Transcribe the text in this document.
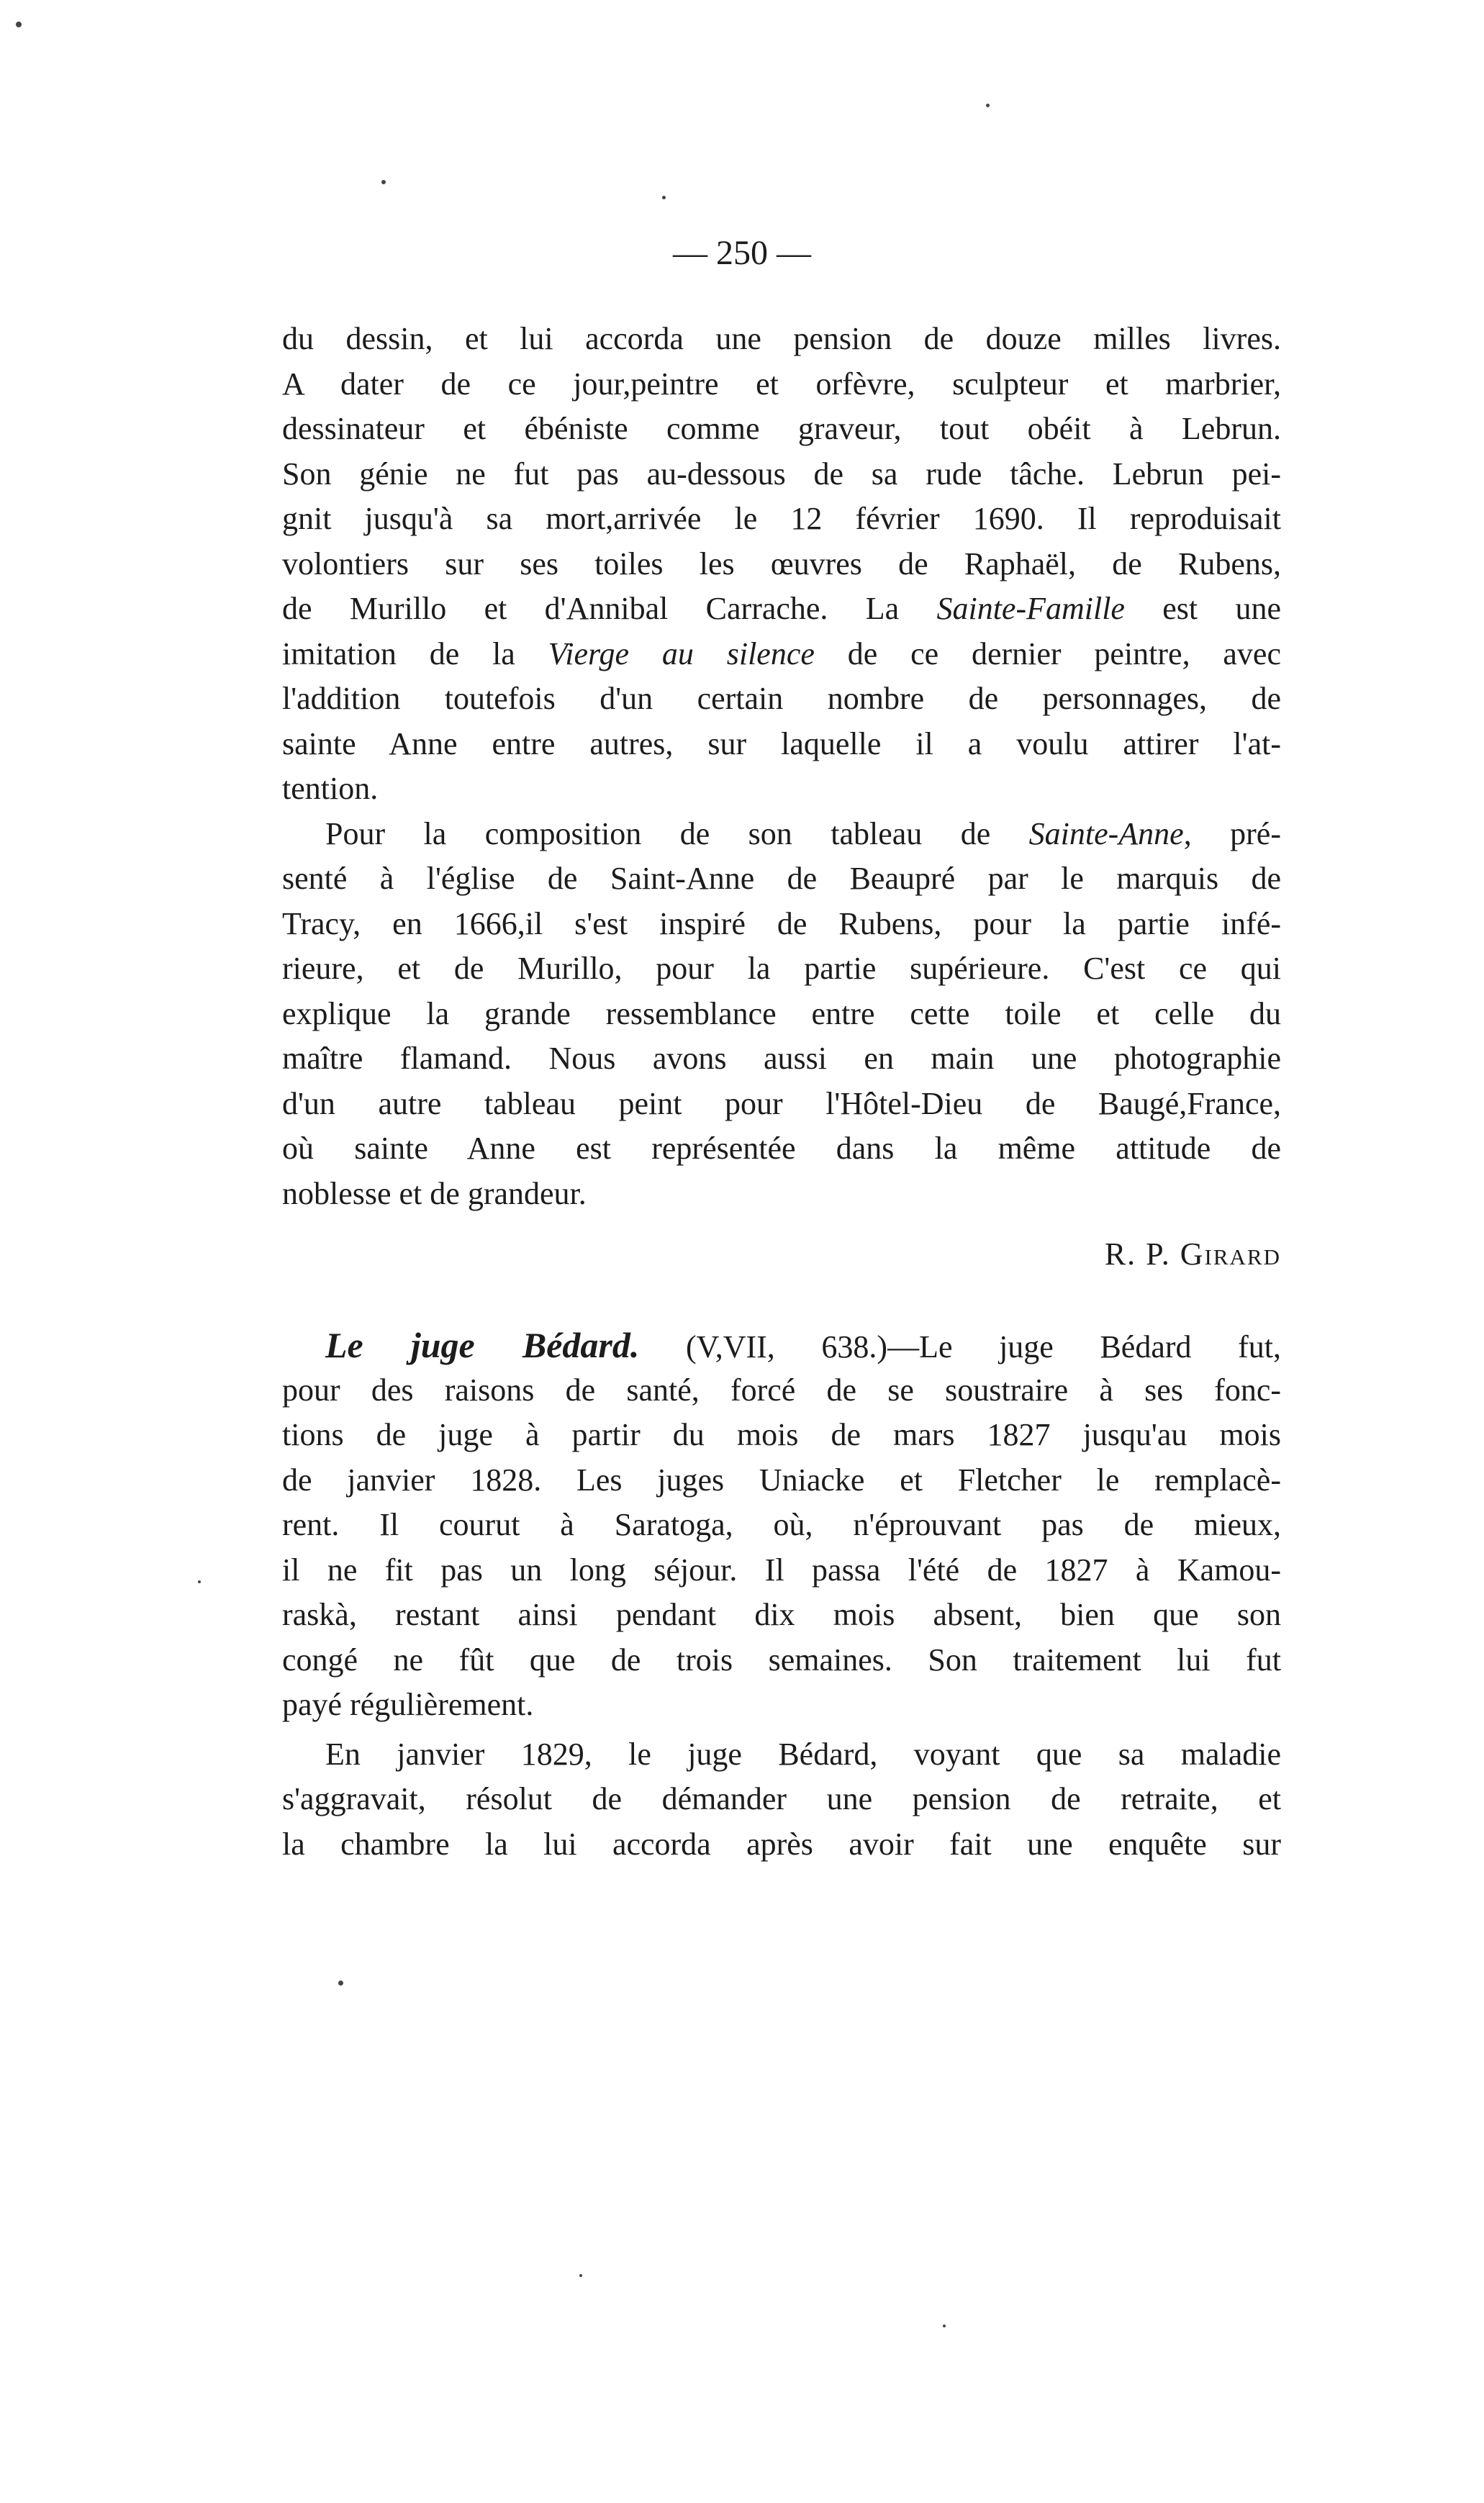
— 250 —
du dessin, et lui accorda une pension de douze milles livres.
A dater de ce jour,peintre et orfèvre, sculpteur et marbrier,
dessinateur et ébéniste comme graveur, tout obéit à Lebrun.
Son génie ne fut pas au-dessous de sa rude tâche. Lebrun pei-
gnit jusqu'à sa mort,arrivée le 12 février 1690. Il reproduisait
volontiers sur ses toiles les œuvres de Raphaël, de Rubens,
de Murillo et d'Annibal Carrache. La Sainte-Famille est une
imitation de la Vierge au silence de ce dernier peintre, avec
l'addition toutefois d'un certain nombre de personnages, de
sainte Anne entre autres, sur laquelle il a voulu attirer l'at-
tention.
Pour la composition de son tableau de Sainte-Anne, pré-
senté à l'église de Saint-Anne de Beaupré par le marquis de
Tracy, en 1666,il s'est inspiré de Rubens, pour la partie infé-
rieure, et de Murillo, pour la partie supérieure. C'est ce qui
explique la grande ressemblance entre cette toile et celle du
maître flamand. Nous avons aussi en main une photographie
d'un autre tableau peint pour l'Hôtel-Dieu de Baugé,France,
où sainte Anne est représentée dans la même attitude de
noblesse et de grandeur.
R. P. Girard
Le juge Bédard. (V,VII, 638.)—Le juge Bédard fut,
pour des raisons de santé, forcé de se soustraire à ses fonc-
tions de juge à partir du mois de mars 1827 jusqu'au mois
de janvier 1828. Les juges Uniacke et Fletcher le remplacè-
rent. Il courut à Saratoga, où, n'éprouvant pas de mieux,
il ne fit pas un long séjour. Il passa l'été de 1827 à Kamou-
raskà, restant ainsi pendant dix mois absent, bien que son
congé ne fût que de trois semaines. Son traitement lui fut
payé régulièrement.
En janvier 1829, le juge Bédard, voyant que sa maladie
s'aggravait, résolut de démander une pension de retraite, et
la chambre la lui accorda après avoir fait une enquête sur
